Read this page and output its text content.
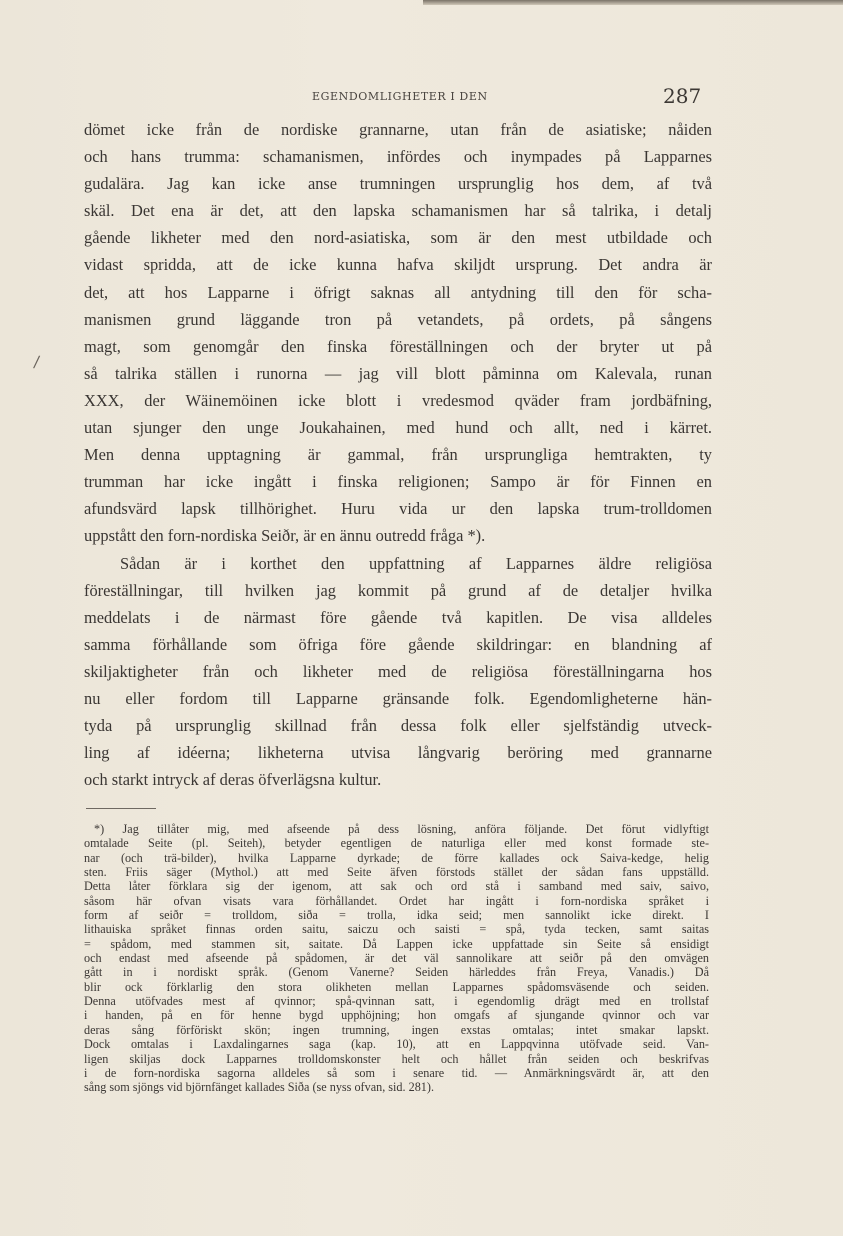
EGENDOMLIGHETER I DEN	287
/
dömet icke från de nordiske grannarne, utan från de asiatiske; nåiden
och hans trumma: schamanismen, infördes och inympades på Lapparnes
gudalära. Jag kan icke anse trumningen ursprunglig hos dem, af två
skäl. Det ena är det, att den lapska schamanismen har så talrika, i detalj
gående likheter med den nord-asiatiska, som är den mest utbildade och
vidast spridda, att de icke kunna hafva skiljdt ursprung. Det andra är
det, att hos Lapparne i öfrigt saknas all antydning till den för scha-
manismen grund läggande tron på vetandets, på ordets, på sångens
magt, som genomgår den finska föreställningen och der bryter ut på
så talrika ställen i runorna — jag vill blott påminna om Kalevala, runan
XXX, der Wäinemöinen icke blott i vredesmod qväder fram jordbäfning,
utan sjunger den unge Joukahainen, med hund och allt, ned i kärret.
Men denna upptagning är gammal, från ursprungliga hemtrakten, ty
trumman har icke ingått i finska religionen; Sampo är för Finnen en
afundsvärd lapsk tillhörighet. Huru vida ur den lapska trum-trolldomen
uppstått den forn-nordiska Seiðr, är en ännu outredd fråga *).
Sådan är i korthet den uppfattning af Lapparnes äldre religiösa
föreställningar, till hvilken jag kommit på grund af de detaljer hvilka
meddelats i de närmast före gående två kapitlen. De visa alldeles
samma förhållande som öfriga före gående skildringar: en blandning af
skiljaktigheter från och likheter med de religiösa föreställningarna hos
nu eller fordom till Lapparne gränsande folk. Egendomligheterne hän-
tyda på ursprunglig skillnad från dessa folk eller sjelfständig utveck-
ling af idéerna; likheterna utvisa långvarig beröring med grannarne
och starkt intryck af deras öfverlägsna kultur.
*) Jag tillåter mig, med afseende på dess lösning, anföra följande. Det förut vidlyftigt
omtalade Seite (pl. Seiteh), betyder egentligen de naturliga eller med konst formade ste-
nar (och trä-bilder), hvilka Lapparne dyrkade; de förre kallades ock Saiva-kedge, helig
sten. Friis säger (Mythol.) att med Seite äfven förstods stället der sådan fans uppställd.
Detta låter förklara sig der igenom, att sak och ord stå i samband med saiv, saivo,
såsom här ofvan visats vara förhållandet. Ordet har ingått i forn-nordiska språket i
form af seiðr = trolldom, siða = trolla, idka seid; men sannolikt icke direkt. I
lithauiska språket finnas orden saitu, saiczu och saisti = spå, tyda tecken, samt saitas
= spådom, med stammen sit, saitate. Då Lappen icke uppfattade sin Seite så ensidigt
och endast med afseende på spådomen, är det väl sannolikare att seiðr på den omvägen
gått in i nordiskt språk. (Genom Vanerne? Seiden härleddes från Freya, Vanadis.) Då
blir ock förklarlig den stora olikheten mellan Lapparnes spådomsväsende och seiden.
Denna utöfvades mest af qvinnor; spå-qvinnan satt, i egendomlig drägt med en trollstaf
i handen, på en för henne bygd upphöjning; hon omgafs af sjungande qvinnor och var
deras sång förföriskt skön; ingen trumning, ingen exstas omtalas; intet smakar lapskt.
Dock omtalas i Laxdalingarnes saga (kap. 10), att en Lappqvinna utöfvade seid. Van-
ligen skiljas dock Lapparnes trolldomskonster helt och hållet från seiden och beskrifvas
i de forn-nordiska sagorna alldeles så som i senare tid. — Anmärkningsvärdt är, att den
sång som sjöngs vid björnfänget kallades Siða (se nyss ofvan, sid. 281).
